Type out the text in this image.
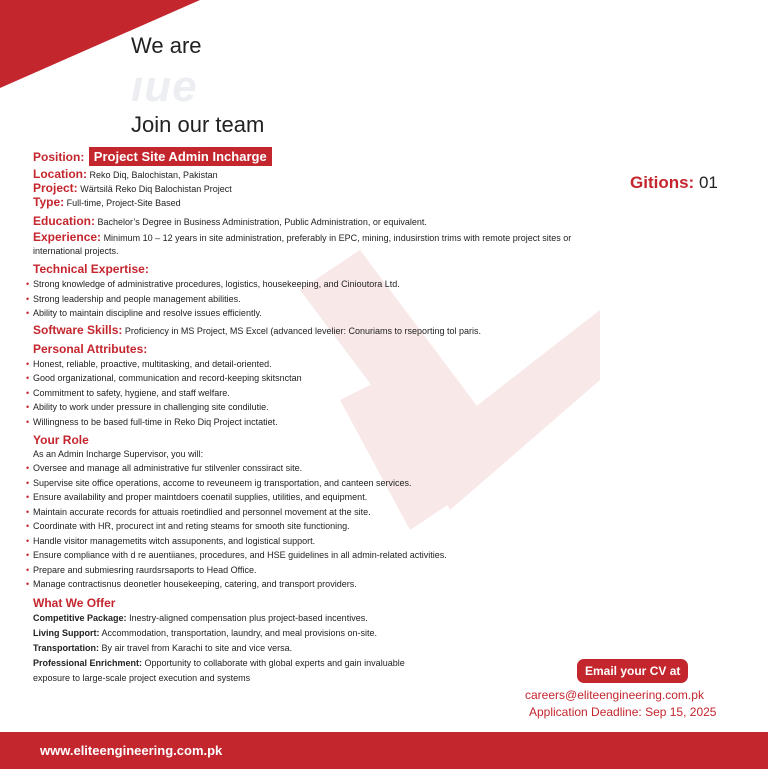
We are
ıue
Join our team
Gitions: 01
Position: Project Site Admin Incharge
Location: Reko Diq, Balochistan, Pakistan
Project: Wärtsilä Reko Diq Balochistan Project
Type: Full-time, Project-Site Based
Education: Bachelor’s Degree in Business Administration, Public Administration, or equivalent.
Experience: Minimum 10 – 12 years in site administration, preferably in EPC, mining, indusirstion trims with remote project sites or
international projects.
Technical Expertise:
• Strong knowledge of administrative procedures, logistics, housekeeping, and Cinioutora Ltd.
• Strong leadership and people management abilities.
• Ability to maintain discipline and resolve issues efficiently.
Software Skills: Proficiency in MS Project, MS Excel (advanced levelier: Conuriams to rseporting tol paris.
Personal Attributes:
• Honest, reliable, proactive, multitasking, and detail-oriented.
• Good organizational, communication and record-keeping skitsnctan
• Commitment to safety, hygiene, and staff welfare.
• Ability to work under pressure in challenging site condilutie.
• Willingness to be based full-time in Reko Diq Project inctatiet.
Your Role
As an Admin Incharge Supervisor, you will:
• Oversee and manage all administrative fur stilvenler conssiract site.
• Supervise site office operations, accome to reveuneem ig transportation, and canteen services.
• Ensure availability and proper maintdoers coenatil supplies, utilities, and equipment.
• Maintain accurate records for attuais roetindlied and personnel movement at the site.
• Coordinate with HR, procurect int and reting steams for smooth site functioning.
• Handle visitor managemetits witch assuponents, and logistical support.
• Ensure compliance with d re auentiianes, procedures, and HSE guidelines in all admin-related activities.
• Prepare and submiesring raurdsrsaports to Head Office.
• Manage contractisnus deonetler housekeeping, catering, and transport providers.
What We Offer
Competitive Package: Inestry-aligned compensation plus project-based incentives.
Living Support: Accommodation, transportation, laundry, and meal provisions on-site.
Transportation: By air travel from Karachi to site and vice versa.
Professional Enrichment: Opportunity to collaborate with global experts and gain invaluable
exposure to large-scale project execution and systems	Email your CV at
careers@eliteengineering.com.pk
Application Deadline: Sep 15, 2025
www.eliteengineering.com.pk
